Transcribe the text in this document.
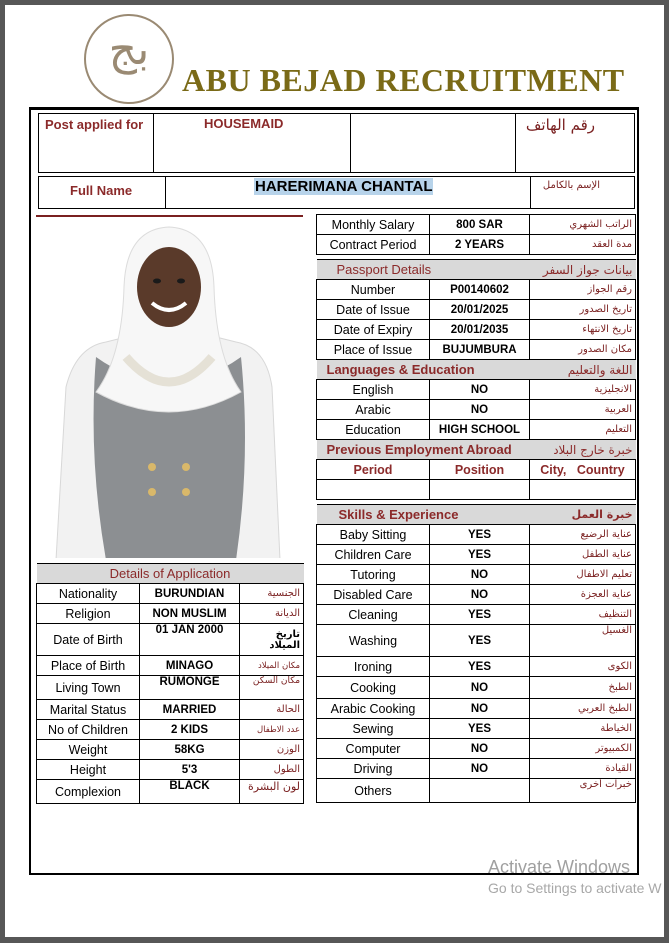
بج
ABU BEJAD RECRUITMENT
Post applied for	HOUSEMAID	رقم الهاتف
Full Name	HARERIMANA CHANTAL	الإسم بالكامل
Monthly Salary	800 SAR	الراتب الشهري
Contract Period	2 YEARS	مدة العقد

Passport Details		بيانات جواز السفر
Number	P00140602	رقم الجواز
Date of Issue	20/01/2025	تاريخ الصدور
Date of Expiry	20/01/2035	تاريخ الانتهاء
Place of Issue	BUJUMBURA	مكان الصدور
Languages & Education		اللغة والتعليم
English	NO	الانجليزية
Arabic	NO	العربية
Education	HIGH SCHOOL	التعليم
Previous Employment Abroad		خبرة خارج البلاد
Period	Position	City,   Country

Skills & Experience		خبرة العمل
Baby Sitting	YES	عناية الرضيع
Children Care	YES	عناية الطفل
Tutoring	NO	تعليم الاطفال
Disabled Care	NO	عناية العجزة
Cleaning	YES	التنظيف
Washing	YES	الغسيل
Ironing	YES	الكوى
Cooking	NO	الطبخ
Arabic Cooking	NO	الطبخ العربي
Sewing	YES	الخياطة
Computer	NO	الكمبيوتر
Driving	NO	القيادة
Others		خبرات أخرى
Details of Application		
Nationality	BURUNDIAN	الجنسية
Religion	NON MUSLIM	الديانة
Date of Birth	01 JAN 2000	تاريخ الميلاد
Place of Birth	MINAGO	مكان الميلاد
Living Town	RUMONGE	مكان السكن
Marital Status	MARRIED	الحالة
No of Children	2 KIDS	عدد الاطفال
Weight	58KG	الوزن
Height	5'3	الطول
Complexion	BLACK	لون البشرة
Activate Windows
Go to Settings to activate W
